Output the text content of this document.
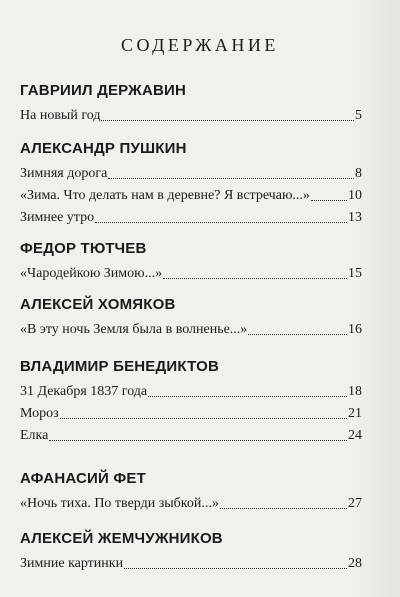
СОДЕРЖАНИЕ
ГАВРИИЛ ДЕРЖАВИН
На новый год	5
АЛЕКСАНДР ПУШКИН
Зимняя дорога	8
«Зима. Что делать нам в деревне? Я встречаю...»	10
Зимнее утро	13
ФЕДОР ТЮТЧЕВ
«Чародейкою Зимою...»	15
АЛЕКСЕЙ ХОМЯКОВ
«В эту ночь Земля была в волненье...»	16
ВЛАДИМИР БЕНЕДИКТОВ
31 Декабря 1837 года	18
Мороз	21
Елка	24
АФАНАСИЙ ФЕТ
«Ночь тиха. По тверди зыбкой...»	27
АЛЕКСЕЙ ЖЕМЧУЖНИКОВ
Зимние картинки	28
